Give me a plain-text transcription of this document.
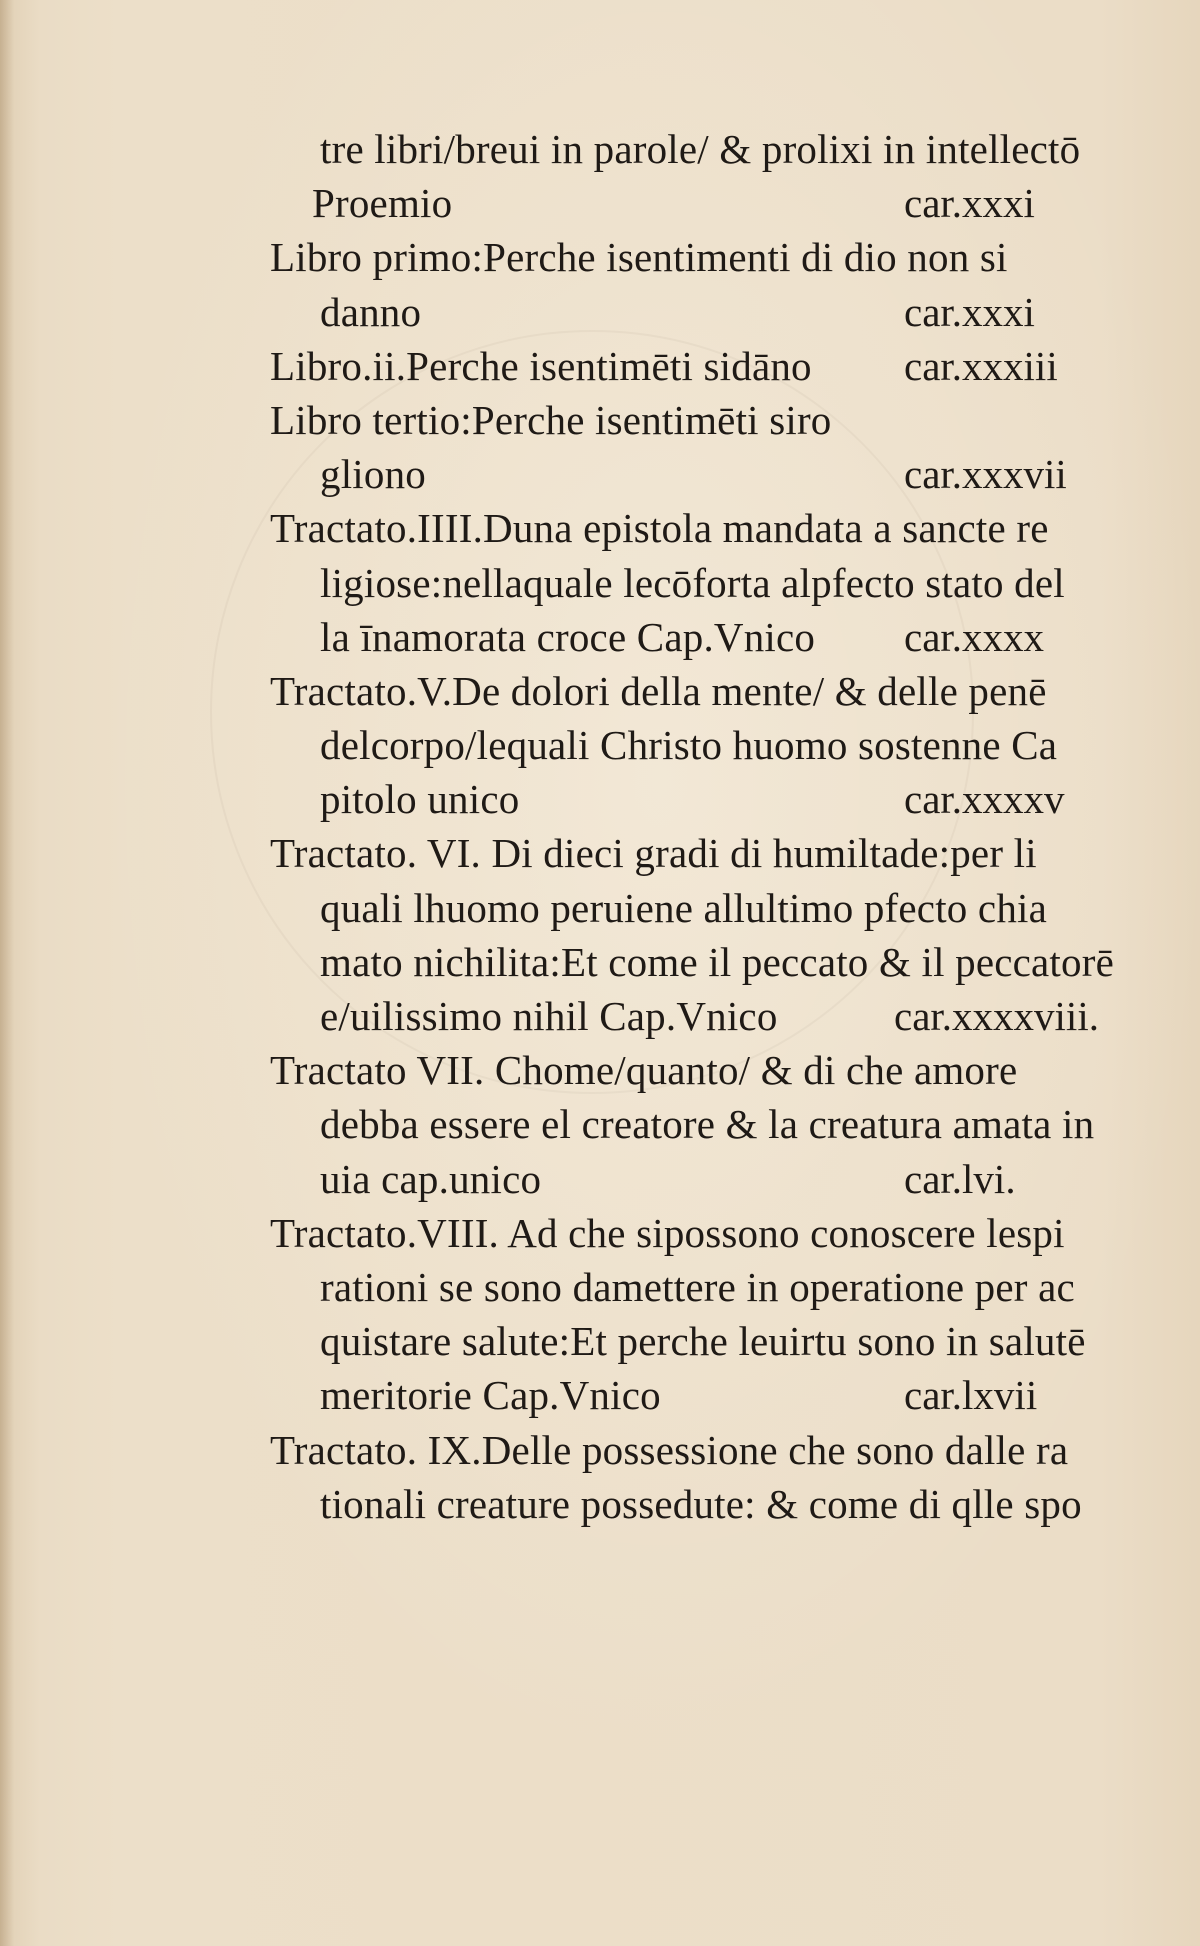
tre libri/breui in parole/ & prolixi in intellectō
Proemio	car.xxxi
Libro primo:Perche isentimenti di dio non si
danno	car.xxxi
Libro.ii.Perche isentimēti sidāno car.xxxiii
Libro tertio:Perche isentimēti siro
gliono	car.xxxvii
Tractato.IIII.Duna epistola mandata a sancte re
ligiose:nellaquale lecōforta alpfecto stato del
la īnamorata croce Cap.Vnico car.xxxx
Tractato.V.De dolori della mente/ & delle penē
delcorpo/lequali Christo huomo sostenne Ca
pitolo unico	car.xxxxv
Tractato. VI. Di dieci gradi di humiltade:per li
quali lhuomo peruiene allultimo pfecto chia
mato nichilita:Et come il peccato & il peccatorē
e/uilissimo nihil Cap.Vnico	car.xxxxviii.
Tractato VII. Chome/quanto/ & di che amore
debba essere el creatore & la creatura amata in
uia cap.unico	car.lvi.
Tractato.VIII. Ad che sipossono conoscere lespi
rationi se sono damettere in operatione per ac
quistare salute:Et perche leuirtu sono in salutē
meritorie Cap.Vnico	car.lxvii
Tractato. IX.Delle possessione che sono dalle ra
tionali creature possedute: & come di qlle spo
